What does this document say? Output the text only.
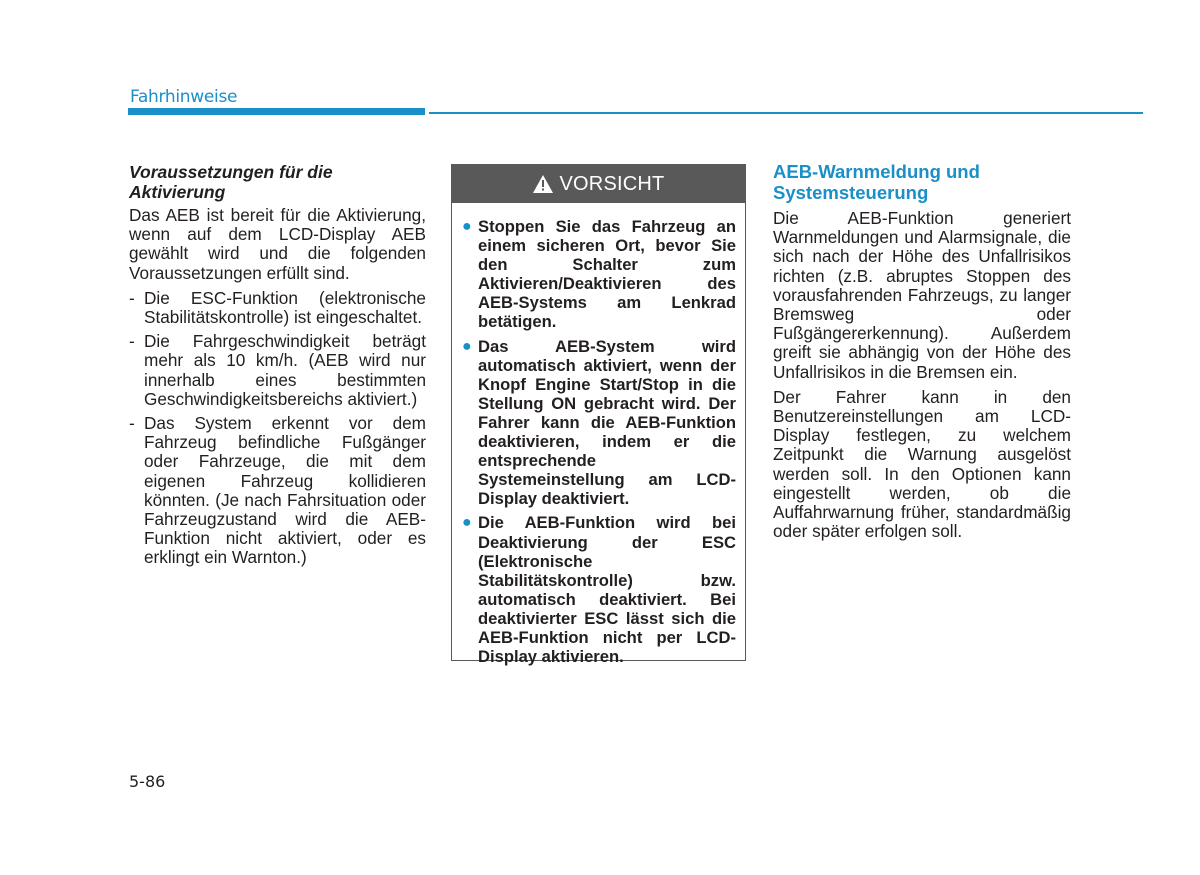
Fahrhinweise
Voraussetzungen für die Aktivierung
Das AEB ist bereit für die Aktivierung, wenn auf dem LCD-Display AEB gewählt wird und die folgenden Voraussetzungen erfüllt sind.
- Die ESC-Funktion (elektronische Stabilitätskontrolle) ist eingeschaltet.
- Die Fahrgeschwindigkeit beträgt mehr als 10 km/h. (AEB wird nur innerhalb eines bestimmten Geschwindigkeitsbereichs aktiviert.)
- Das System erkennt vor dem Fahrzeug befindliche Fußgänger oder Fahrzeuge, die mit dem eigenen Fahrzeug kollidieren könnten. (Je nach Fahrsituation oder Fahrzeugzustand wird die AEB-Funktion nicht aktiviert, oder es erklingt ein Warnton.)
VORSICHT
● Stoppen Sie das Fahrzeug an einem sicheren Ort, bevor Sie den Schalter zum Aktivieren/Deaktivieren des AEB-Systems am Lenkrad betätigen.
● Das AEB-System wird automatisch aktiviert, wenn der Knopf Engine Start/Stop in die Stellung ON gebracht wird. Der Fahrer kann die AEB-Funktion deaktivieren, indem er die entsprechende Systemeinstellung am LCD-Display deaktiviert.
● Die AEB-Funktion wird bei Deaktivierung der ESC (Elektronische Stabilitätskontrolle) bzw. automatisch deaktiviert. Bei deaktivierter ESC lässt sich die AEB-Funktion nicht per LCD-Display aktivieren.
AEB-Warnmeldung und Systemsteuerung
Die AEB-Funktion generiert Warnmeldungen und Alarmsignale, die sich nach der Höhe des Unfallrisikos richten (z.B. abruptes Stoppen des vorausfahrenden Fahrzeugs, zu langer Bremsweg oder Fußgängererkennung). Außerdem greift sie abhängig von der Höhe des Unfallrisikos in die Bremsen ein.
Der Fahrer kann in den Benutzereinstellungen am LCD-Display festlegen, zu welchem Zeitpunkt die Warnung ausgelöst werden soll. In den Optionen kann eingestellt werden, ob die Auffahrwarnung früher, standardmäßig oder später erfolgen soll.
5-86
